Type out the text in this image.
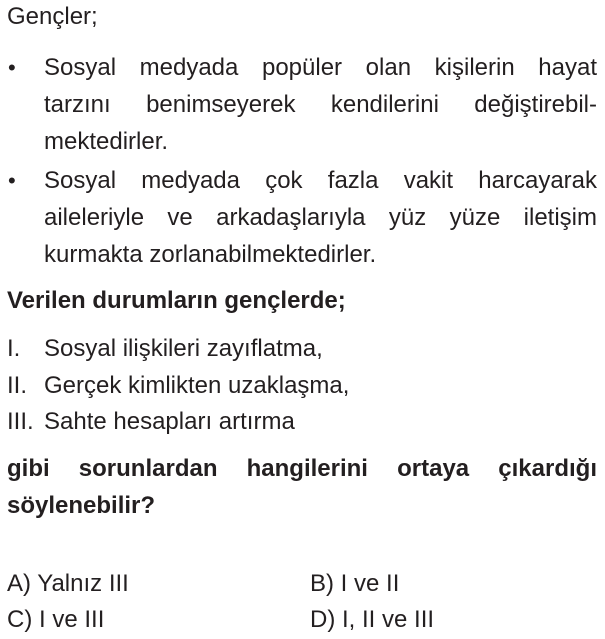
Gençler;
• Sosyal medyada popüler olan kişilerin hayat
tarzını benimseyerek kendilerini değiştirebil-
mektedirler.
• Sosyal medyada çok fazla vakit harcayarak
aileleriyle ve arkadaşlarıyla yüz yüze iletişim
kurmakta zorlanabilmektedirler.
Verilen durumların gençlerde;
I. Sosyal ilişkileri zayıflatma,
II. Gerçek kimlikten uzaklaşma,
III. Sahte hesapları artırma
gibi sorunlardan hangilerini ortaya çıkardığı
söylenebilir?
A) Yalnız III	B) I ve II
C) I ve III	D) I, II ve III
